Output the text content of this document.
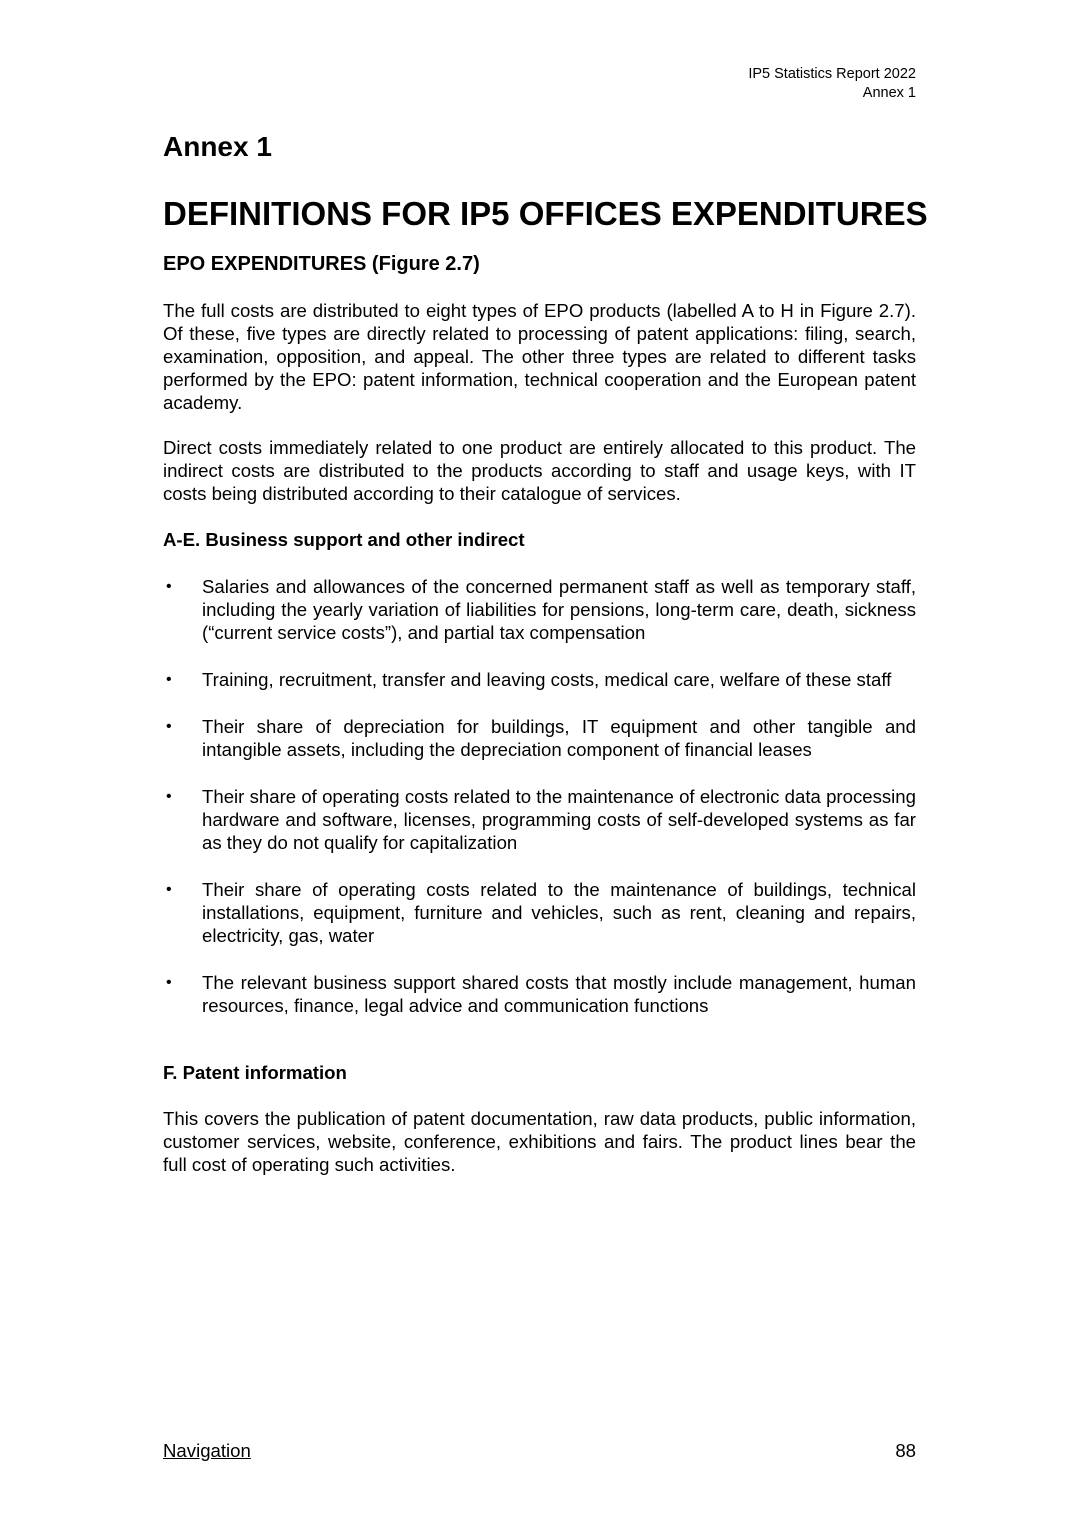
IP5 Statistics Report 2022
Annex 1
Annex 1
DEFINITIONS FOR IP5 OFFICES EXPENDITURES
EPO EXPENDITURES (Figure 2.7)

The full costs are distributed to eight types of EPO products (labelled A to H in Figure 2.7). Of these, five types are directly related to processing of patent applications: filing, search, examination, opposition, and appeal. The other three types are related to different tasks performed by the EPO: patent information, technical cooperation and the European patent academy.

Direct costs immediately related to one product are entirely allocated to this product. The indirect costs are distributed to the products according to staff and usage keys, with IT costs being distributed according to their catalogue of services.

A-E. Business support and other indirect
• Salaries and allowances of the concerned permanent staff as well as temporary staff, including the yearly variation of liabilities for pensions, long-term care, death, sickness (“current service costs”), and partial tax compensation
• Training, recruitment, transfer and leaving costs, medical care, welfare of these staff
• Their share of depreciation for buildings, IT equipment and other tangible and intangible assets, including the depreciation component of financial leases
• Their share of operating costs related to the maintenance of electronic data processing hardware and software, licenses, programming costs of self-developed systems as far as they do not qualify for capitalization
• Their share of operating costs related to the maintenance of buildings, technical installations, equipment, furniture and vehicles, such as rent, cleaning and repairs, electricity, gas, water
• The relevant business support shared costs that mostly include management, human resources, finance, legal advice and communication functions
F. Patent information

This covers the publication of patent documentation, raw data products, public information, customer services, website, conference, exhibitions and fairs. The product lines bear the full cost of operating such activities.

Navigation	88
